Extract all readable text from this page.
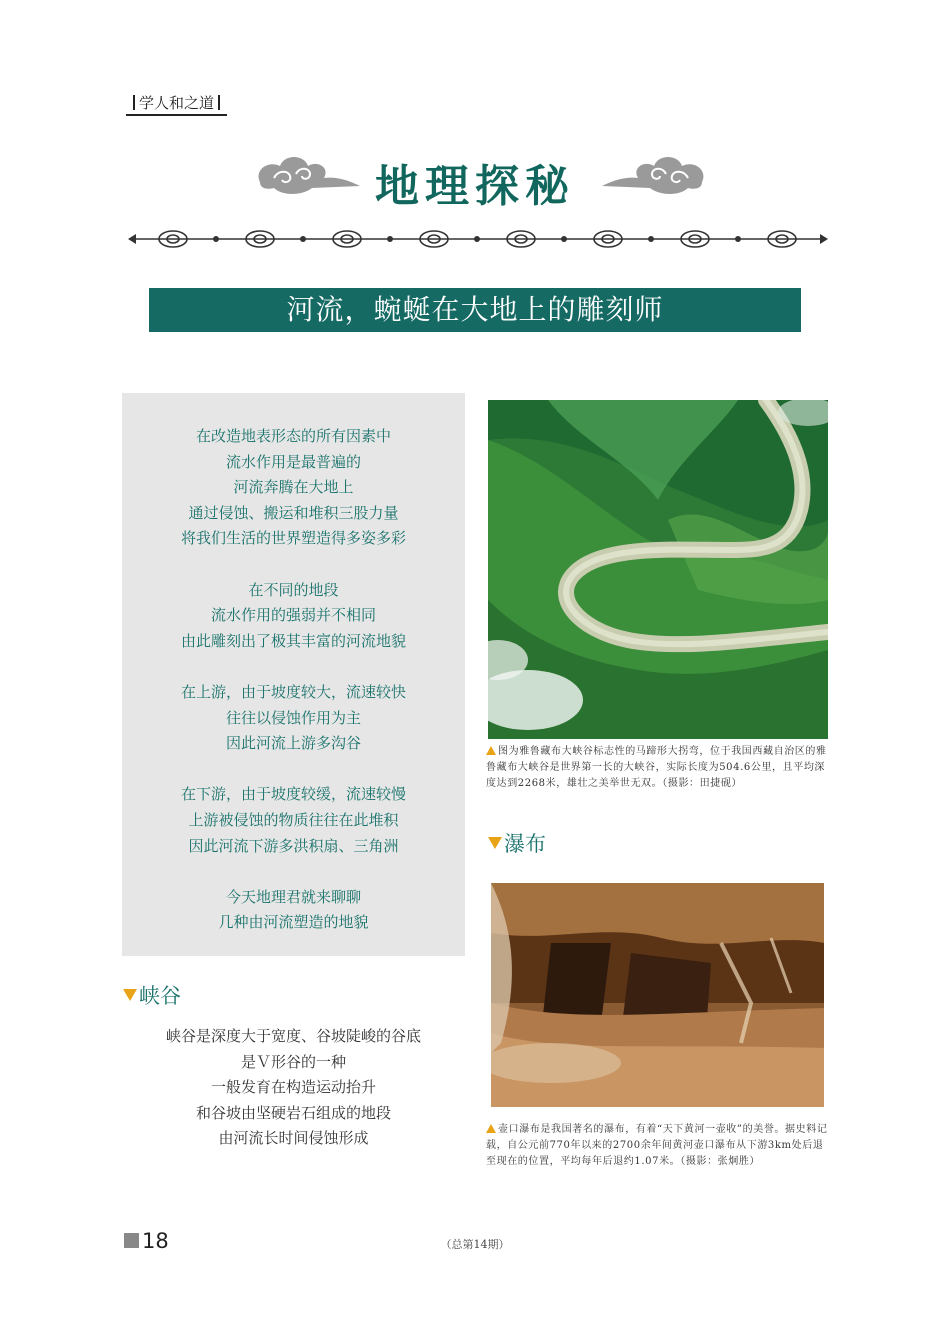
学人和之道
地理探秘
河流，蜿蜒在大地上的雕刻师
在改造地表形态的所有因素中
流水作用是最普遍的
河流奔腾在大地上
通过侵蚀、搬运和堆积三股力量
将我们生活的世界塑造得多姿多彩
在不同的地段
流水作用的强弱并不相同
由此雕刻出了极其丰富的河流地貌
在上游，由于坡度较大，流速较快
往往以侵蚀作用为主
因此河流上游多沟谷
在下游，由于坡度较缓，流速较慢
上游被侵蚀的物质往往在此堆积
因此河流下游多洪积扇、三角洲
今天地理君就来聊聊
几种由河流塑造的地貌
峡谷
峡谷是深度大于宽度、谷坡陡峻的谷底
是Ｖ形谷的一种
一般发育在构造运动抬升
和谷坡由坚硬岩石组成的地段
由河流长时间侵蚀形成
图为雅鲁藏布大峡谷标志性的马蹄形大拐弯，位于我国西藏自治区的雅鲁藏布大峡谷是世界第一长的大峡谷，实际长度为504.6公里，且平均深度达到2268米，雄壮之美举世无双。（摄影：田捷砚）
瀑布
壶口瀑布是我国著名的瀑布，有着“天下黄河一壶收”的美誉。据史料记载，自公元前770年以来的2700余年间黄河壶口瀑布从下游3km处后退至现在的位置，平均每年后退约1.07米。（摄影：张炯胜）
18	（总第14期）
